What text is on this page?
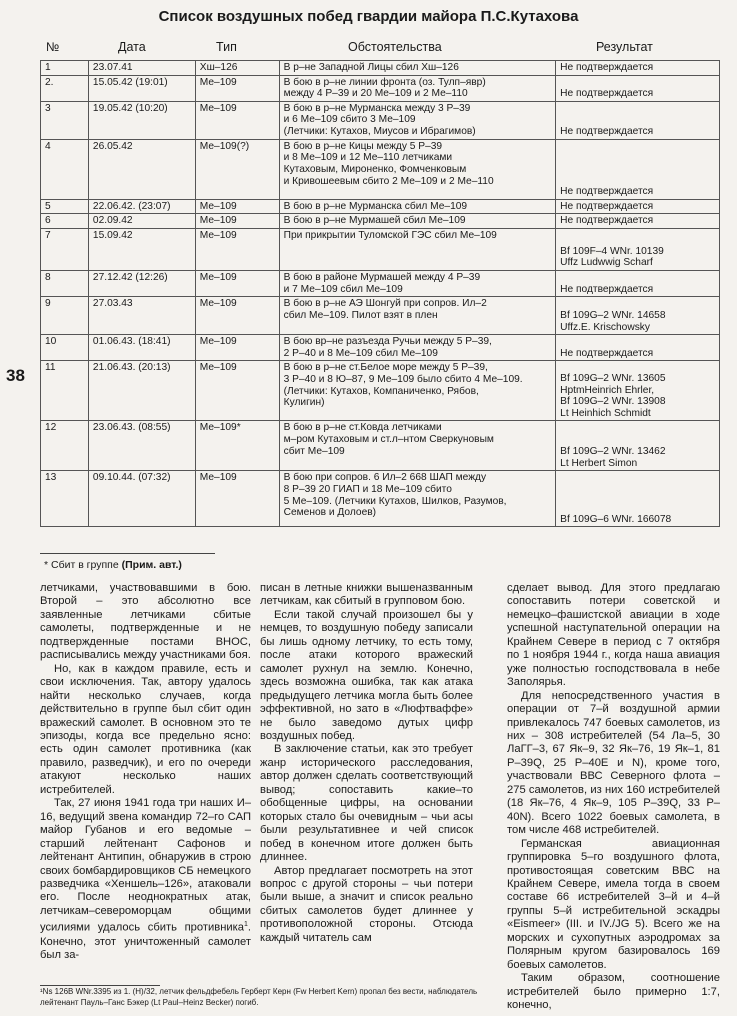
Список воздушных побед гвардии майора П.С.Кутахова
38
№	Дата	Тип	Обстоятельства	Результат
1	23.07.41	Хш–126	В р–не Западной Лицы сбил Хш–126	Не подтверждается
2.	15.05.42 (19:01)	Ме–109	В бою в р–не линии фронта (оз. Тулп–явр)
между 4 Р–39 и 20 Ме–109 и 2 Ме–110	Не подтверждается
3	19.05.42 (10:20)	Ме–109	В бою в р–не Мурманска между 3 Р–39
и 6 Ме–109 сбито 3 Ме–109
(Летчики: Кутахов, Миусов и Ибрагимов)	Не подтверждается
4	26.05.42	Ме–109(?)	В бою в р–не Кицы между 5 Р–39
и 8 Ме–109 и 12 Ме–110 летчиками
Кутаховым, Мироненко, Фомченковым
и Кривошеевым сбито 2 Ме–109 и 2 Ме–110	Не подтверждается
5	22.06.42. (23:07)	Ме–109	В бою в р–не Мурманска сбил Ме–109	Не подтверждается
6	02.09.42	Ме–109	В бою в р–не Мурмашей сбил Ме–109	Не подтверждается
7	15.09.42	Ме–109	При прикрытии Туломской ГЭС сбил Ме–109	Bf 109F–4 WNr. 10139
Uffz Ludwwig Scharf
8	27.12.42 (12:26)	Ме–109	В бою в районе Мурмашей между 4 Р–39
и 7 Ме–109 сбил Ме–109	Не подтверждается
9	27.03.43	Ме–109	В бою в р–не АЭ Шонгуй при сопров. Ил–2
сбил Ме–109. Пилот взят в плен	Bf 109G–2 WNr. 14658
Uffz.E. Krischowsky
10	01.06.43. (18:41)	Ме–109	В бою вр–не разъезда Ручьи между 5 Р–39,
2 Р–40 и 8 Ме–109 сбил Ме–109	Не подтверждается
11	21.06.43. (20:13)	Ме–109	В бою в р–не ст.Белое море между 5 Р–39,
3 Р–40 и 8 Ю–87, 9 Ме–109 было сбито 4 Ме–109.
(Летчики: Кутахов, Компаниченко, Рябов,
Кулигин)	Bf 109G–2 WNr. 13605
HptmHeinrich Ehrler,
Bf 109G–2 WNr. 13908
Lt Heinhich Schmidt
12	23.06.43. (08:55)	Ме–109*	В бою в р–не ст.Ковда летчиками
м–ром Кутаховым и ст.л–нтом Сверкуновым
сбит Ме–109	Bf 109G–2 WNr. 13462
Lt Herbert Simon
13	09.10.44. (07:32)	Ме–109	В бою при сопров. 6 Ил–2 668 ШАП между
8 Р–39 20 ГИАП и 18 Ме–109 сбито
5 Ме–109. (Летчики Кутахов, Шилков, Разумов,
Семенов и Долоев)	Bf 109G–6 WNr. 166078
* Сбит в группе (Прим. авт.)

летчиками, участвовавшими в бою. Второй – это абсолютно все заявленные летчиками сбитые самолеты, подтвержденные и не подтвержденные постами ВНОС, расписывались между участниками боя.

Но, как в каждом правиле, есть и свои исключения. Так, автору удалось найти несколько случаев, когда действительно в группе был сбит один вражеский самолет. В основном это те эпизоды, когда все предельно ясно: есть один самолет противника (как правило, разведчик), и его по очереди атакуют несколько наших истребителей.

Так, 27 июня 1941 года три наших И–16, ведущий звена командир 72–го САП майор Губанов и его ведомые – старший лейтенант Сафонов и лейтенант Антипин, обнаружив в строю своих бомбардировщиков СБ немецкого разведчика «Хеншель–126», атаковали его. После неоднократных атак, летчикам–североморцам общими усилиями удалось сбить противника$^1$. Конечно, этот уничтоженный самолет был за-

писан в летные книжки вышеназванным летчикам, как сбитый в групповом бою.

Если такой случай произошел бы у немцев, то воздушную победу записали бы лишь одному летчику, то есть тому, после атаки которого вражеский самолет рухнул на землю. Конечно, здесь возможна ошибка, так как атака предыдущего летчика могла быть более эффективной, но зато в «Люфтваффе» не было заведомо дутых цифр воздушных побед.

В заключение статьи, как это требует жанр исторического расследования, автор должен сделать соответствующий вывод; сопоставить какие–то обобщенные цифры, на основании которых стало бы очевидным – чьи асы были результативнее и чей список побед в конечном итоге должен быть длиннее.

Автор предлагает посмотреть на этот вопрос с другой стороны – чьи потери были выше, а значит и список реально сбитых самолетов будет длиннее у противоположной стороны. Отсюда каждый читатель сам

сделает вывод. Для этого предлагаю сопоставить потери советской и немецко–фашистской авиации в ходе успешной наступательной операции на Крайнем Севере в период с 7 октября по 1 ноября 1944 г., когда наша авиация уже полностью господствовала в небе Заполярья.

Для непосредственного участия в операции от 7–й воздушной армии привлекалось 747 боевых самолетов, из них – 308 истребителей (54 Ла–5, 30 ЛаГГ–3, 67 Як–9, 32 Як–76, 19 Як–1, 81 Р–39Q, 25 Р–40Е и N), кроме того, участвовали ВВС Северного флота – 275 самолетов, из них 160 истребителей (18 Як–76, 4 Як–9, 105 Р–39Q, 33 Р–40N). Всего 1022 боевых самолета, в том числе 468 истребителей.

Германская авиационная группировка 5–го воздушного флота, противостоящая советским ВВС на Крайнем Севере, имела тогда в своем составе 66 истребителей 3–й и 4–й группы 5–й истребительной эскадры «Eismeer» (III. и IV./JG 5). Всего же на морских и сухопутных аэродромах за Полярным кругом базировалось 169 боевых самолетов.

Таким образом, соотношение истребителей было примерно 1:7, конечно,

¹Ns 126B WNr.3395 из 1. (H)/32, летчик фельдфебель Герберт Керн (Fw Herbert Kern) пропал без вести, наблюдатель лейтенант Пауль–Ганс Бэкер (Lt Paul–Heinz Becker) погиб.
